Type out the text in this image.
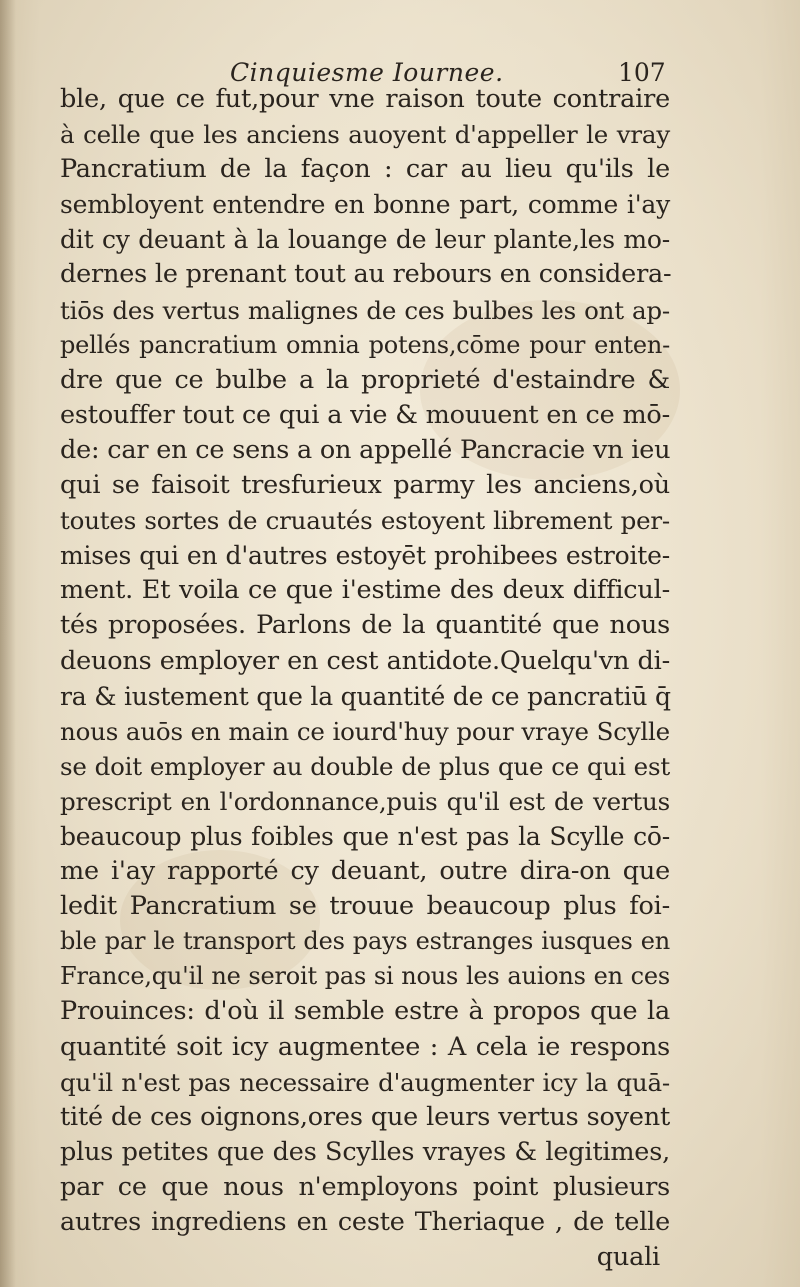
Cinquiesme Iournee.	107
ble, que ce fut,pour vne raison toute contraire
à celle que les anciens auoyent d'appeller le vray
Pancratium de la façon : car au lieu qu'ils le
sembloyent entendre en bonne part, comme i'ay
dit cy deuant à la louange de leur plante,les mo-
dernes le prenant tout au rebours en considera-
tiōs des vertus malignes de ces bulbes les ont ap-
pellés pancratium omnia potens,cōme pour enten-
dre que ce bulbe a la proprieté d'estaindre &
estouffer tout ce qui a vie & mouuent en ce mō-
de: car en ce sens a on appellé Pancracie vn ieu
qui se faisoit tresfurieux parmy les anciens,où
toutes sortes de cruautés estoyent librement per-
mises qui en d'autres estoyēt prohibees estroite-
ment. Et voila ce que i'estime des deux difficul-
tés proposées. Parlons de la quantité que nous
deuons employer en cest antidote.Quelqu'vn di-
ra & iustement que la quantité de ce pancratiū q̄
nous auōs en main ce iourd'huy pour vraye Scylle
se doit employer au double de plus que ce qui est
prescript en l'ordonnance,puis qu'il est de vertus
beaucoup plus foibles que n'est pas la Scylle cō-
me i'ay rapporté cy deuant, outre dira-on que
ledit Pancratium se trouue beaucoup plus foi-
ble par le transport des pays estranges iusques en
France,qu'il ne seroit pas si nous les auions en ces
Prouinces: d'où il semble estre à propos que la
quantité soit icy augmentee : A cela ie respons
qu'il n'est pas necessaire d'augmenter icy la quā-
tité de ces oignons,ores que leurs vertus soyent
plus petites que des Scylles vrayes & legitimes,
par ce que nous n'employons point plusieurs
autres ingrediens en ceste Theriaque , de telle
quali
